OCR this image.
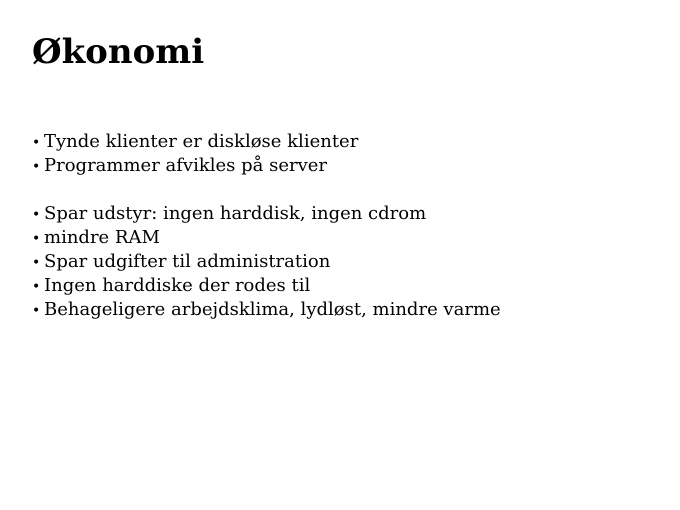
Økonomi
• Tynde klienter er diskløse klienter
• Programmer afvikles på server
• Spar udstyr: ingen harddisk, ingen cdrom
• mindre RAM
• Spar udgifter til administration
• Ingen harddiske der rodes til
• Behageligere arbejdsklima, lydløst, mindre varme
